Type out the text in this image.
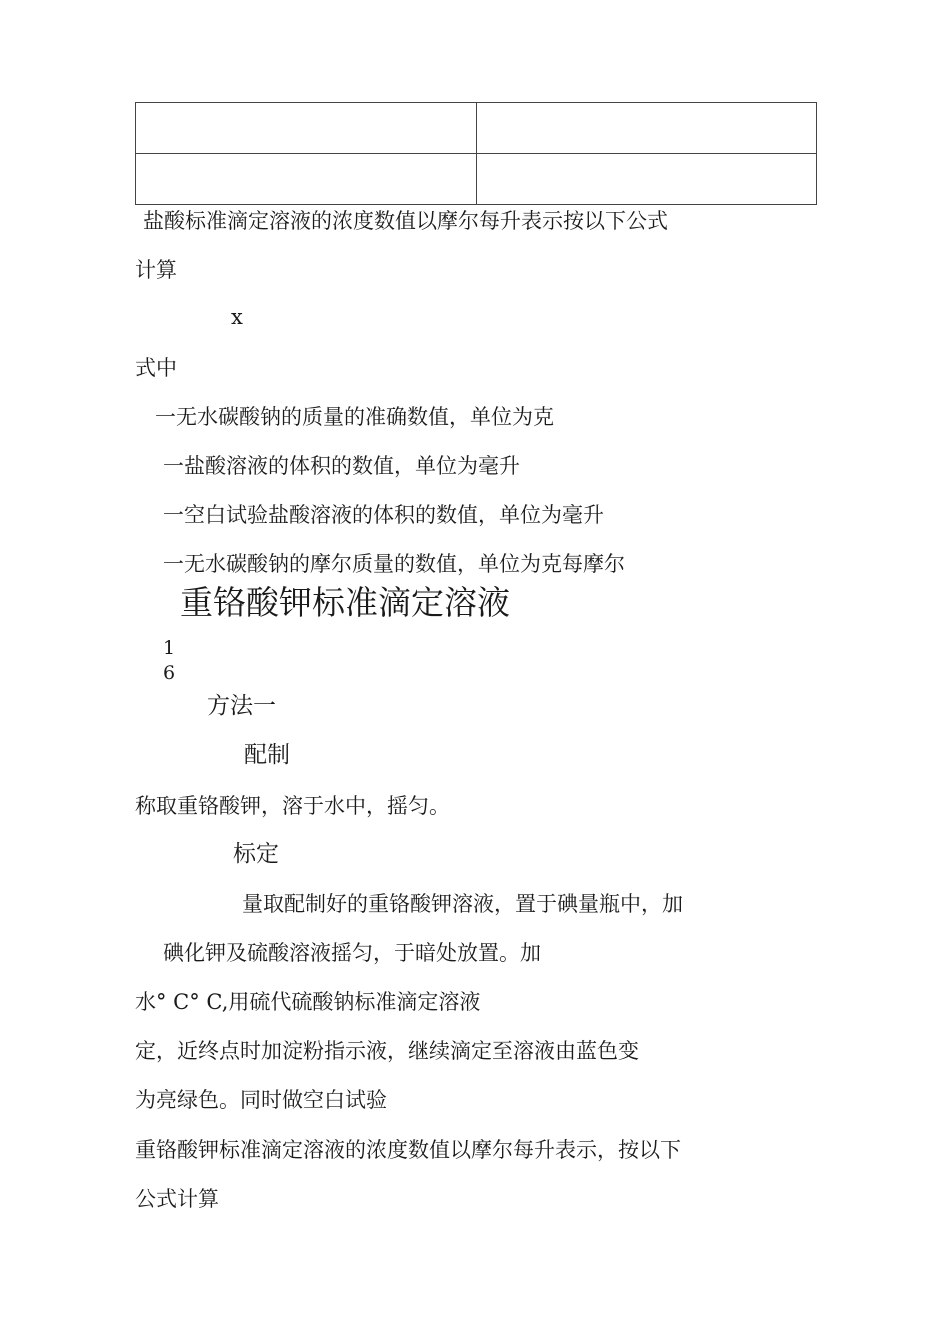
盐酸标准滴定溶液的浓度数值以摩尔每升表示按以下公式
计算
x
式中
一无水碳酸钠的质量的准确数值，单位为克
一盐酸溶液的体积的数值，单位为毫升
一空白试验盐酸溶液的体积的数值，单位为毫升
一无水碳酸钠的摩尔质量的数值，单位为克每摩尔
重铬酸钾标准滴定溶液
1
6
方法一
配制
称取重铬酸钾，溶于水中，摇匀。
标定
量取配制好的重铬酸钾溶液，置于碘量瓶中，加
碘化钾及硫酸溶液摇匀，于暗处放置。加
水° C° C,用硫代硫酸钠标准滴定溶液
定，近终点时加淀粉指示液，继续滴定至溶液由蓝色变
为亮绿色。同时做空白试验
重铬酸钾标准滴定溶液的浓度数值以摩尔每升表示，按以下
公式计算
